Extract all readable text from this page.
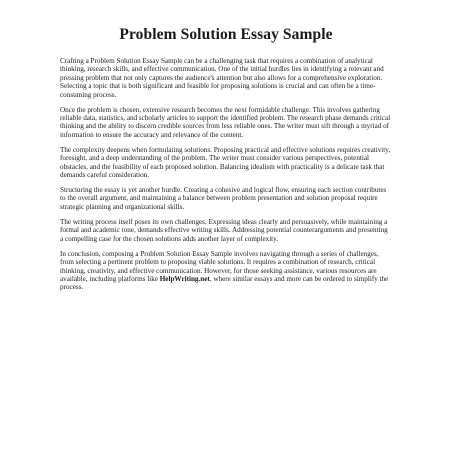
Problem Solution Essay Sample

Crafting a Problem Solution Essay Sample can be a challenging task that requires a combination of analytical thinking, research skills, and effective communication. One of the initial hurdles lies in identifying a relevant and pressing problem that not only captures the audience's attention but also allows for a comprehensive exploration. Selecting a topic that is both significant and feasible for proposing solutions is crucial and can often be a time-consuming process.

Once the problem is chosen, extensive research becomes the next formidable challenge. This involves gathering reliable data, statistics, and scholarly articles to support the identified problem. The research phase demands critical thinking and the ability to discern credible sources from less reliable ones. The writer must sift through a myriad of information to ensure the accuracy and relevance of the content.

The complexity deepens when formulating solutions. Proposing practical and effective solutions requires creativity, foresight, and a deep understanding of the problem. The writer must consider various perspectives, potential obstacles, and the feasibility of each proposed solution. Balancing idealism with practicality is a delicate task that demands careful consideration.

Structuring the essay is yet another hurdle. Creating a cohesive and logical flow, ensuring each section contributes to the overall argument, and maintaining a balance between problem presentation and solution proposal require strategic planning and organizational skills.

The writing process itself poses its own challenges. Expressing ideas clearly and persuasively, while maintaining a formal and academic tone, demands effective writing skills. Addressing potential counterarguments and presenting a compelling case for the chosen solutions adds another layer of complexity.

In conclusion, composing a Problem Solution Essay Sample involves navigating through a series of challenges, from selecting a pertinent problem to proposing viable solutions. It requires a combination of research, critical thinking, creativity, and effective communication. However, for those seeking assistance, various resources are available, including platforms like HelpWriting.net, where similar essays and more can be ordered to simplify the process.
